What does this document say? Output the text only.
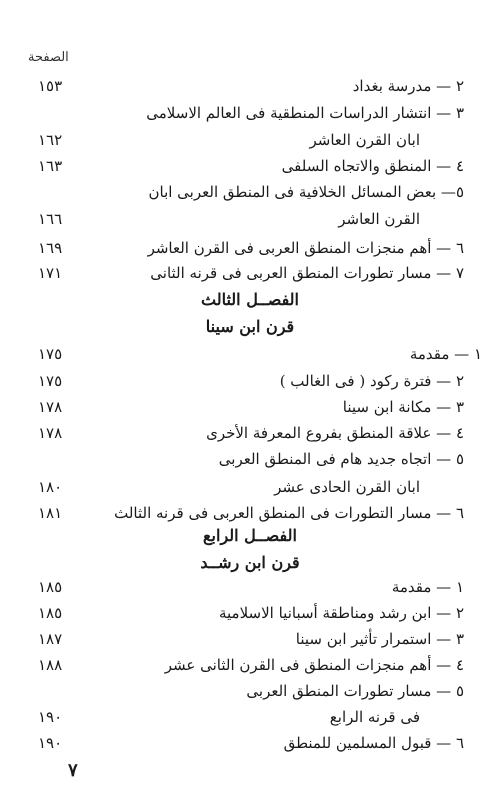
الصفحة
١٥٣	٢ — مدرسة بغداد
٣ — انتشار الدراسات المنطقية فى العالم الاسلامى
١٦٢	ابان القرن العاشر
١٦٣	٤ — المنطق والاتجاه السلفى
٥— بعض المسائل الخلافية فى المنطق العربى ابان
١٦٦	القرن العاشر
١٦٩	٦ — أهم منجزات المنطق العربى فى القرن العاشر
١٧١	٧ — مسار تطورات المنطق العربى فى قرنه الثانى
الفصــل الثالث
قرن ابن سينا
١٧٥	١ — مقدمة
١٧٥	٢ — فترة ركود ( فى الغالب )
١٧٨	٣ — مكانة ابن سينا
١٧٨	٤ — علاقة المنطق بفروع المعرفة الأخرى
٥ — اتجاه جديد هام فى المنطق العربى
١٨٠	ابان القرن الحادى عشر
١٨١	٦ — مسار التطورات فى المنطق العربى فى قرنه الثالث
الفصــل الرابع
قرن ابن رشــد
١٨٥	١ — مقدمة
١٨٥	٢ — ابن رشد ومناطقة أسبانيا الاسلامية
١٨٧	٣ — استمرار تأثير ابن سينا
١٨٨	٤ — أهم منجزات المنطق فى القرن الثانى عشر
٥ — مسار تطورات المنطق العربى
١٩٠	فى قرنه الرابع
١٩٠	٦ — قبول المسلمين للمنطق
٧
